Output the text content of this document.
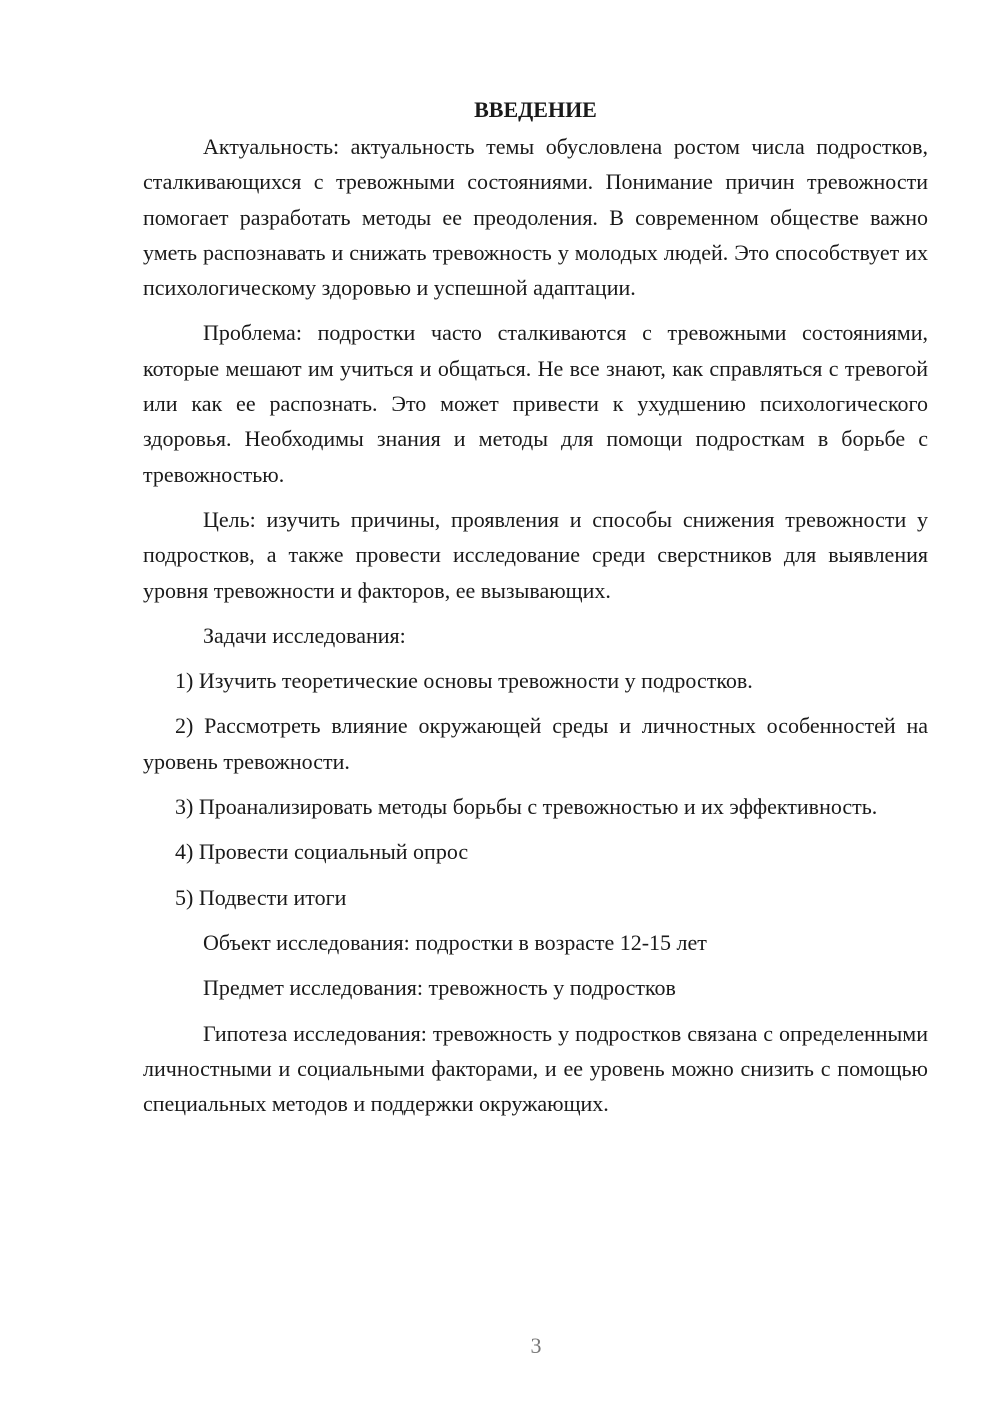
ВВЕДЕНИЕ

Актуальность: актуальность темы обусловлена ростом числа подростков, сталкивающихся с тревожными состояниями. Понимание причин тревожности помогает разработать методы ее преодоления. В современном обществе важно уметь распознавать и снижать тревожность у молодых людей. Это способствует их психологическому здоровью и успешной адаптации.

Проблема: подростки часто сталкиваются с тревожными состояниями, которые мешают им учиться и общаться. Не все знают, как справляться с тревогой или как ее распознать. Это может привести к ухудшению психологического здоровья. Необходимы знания и методы для помощи подросткам в борьбе с тревожностью.

Цель: изучить причины, проявления и способы снижения тревожности у подростков, а также провести исследование среди сверстников для выявления уровня тревожности и факторов, ее вызывающих.

Задачи исследования:

1) Изучить теоретические основы тревожности у подростков.

2) Рассмотреть влияние окружающей среды и личностных особенностей на уровень тревожности.

3) Проанализировать методы борьбы с тревожностью и их эффективность.

4) Провести социальный опрос

5) Подвести итоги

Объект исследования: подростки в возрасте 12-15 лет

Предмет исследования: тревожность у подростков

Гипотеза исследования: тревожность у подростков связана с определенными личностными и социальными факторами, и ее уровень можно снизить с помощью специальных методов и поддержки окружающих.

3
